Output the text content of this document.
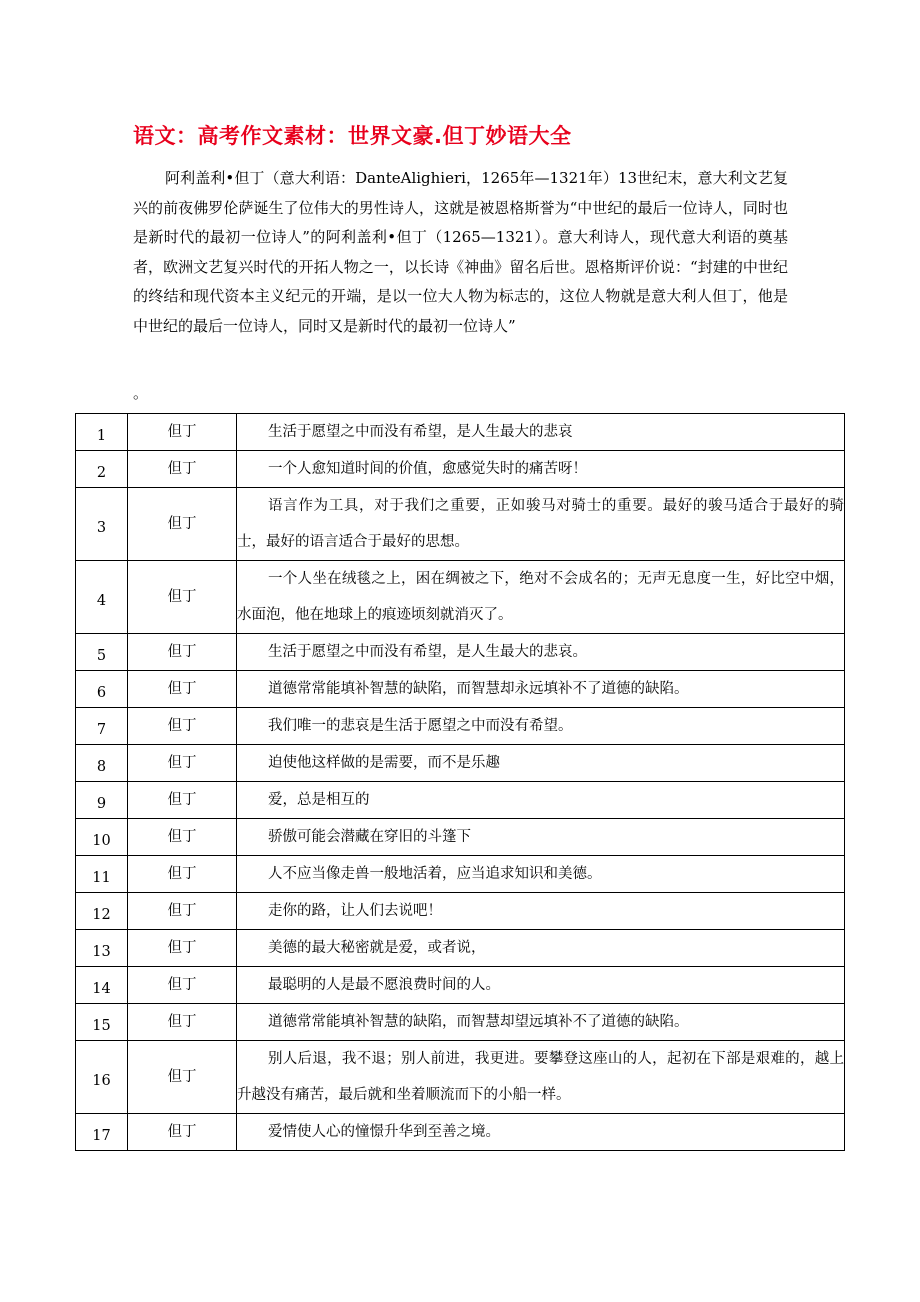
语文：高考作文素材：世界文豪.但丁妙语大全

阿利盖利•但丁（意大利语：DanteAlighieri，1265年—1321年）13世纪末，意大利文艺复兴的前夜佛罗伦萨诞生了位伟大的男性诗人，这就是被恩格斯誉为“中世纪的最后一位诗人，同时也是新时代的最初一位诗人”的阿利盖利•但丁（1265—1321）。意大利诗人，现代意大利语的奠基者，欧洲文艺复兴时代的开拓人物之一，以长诗《神曲》留名后世。恩格斯评价说：“封建的中世纪的终结和现代资本主义纪元的开端，是以一位大人物为标志的，这位人物就是意大利人但丁，他是中世纪的最后一位诗人，同时又是新时代的最初一位诗人”

。

1	但丁	生活于愿望之中而没有希望，是人生最大的悲哀
2	但丁	一个人愈知道时间的价值，愈感觉失时的痛苦呀！
3	但丁	语言作为工具，对于我们之重要，正如骏马对骑士的重要。最好的骏马适合于最好的骑士，最好的语言适合于最好的思想。
4	但丁	一个人坐在绒毯之上，困在绸被之下，绝对不会成名的；无声无息度一生，好比空中烟，水面泡，他在地球上的痕迹顷刻就消灭了。
5	但丁	生活于愿望之中而没有希望，是人生最大的悲哀。
6	但丁	道德常常能填补智慧的缺陷，而智慧却永远填补不了道德的缺陷。
7	但丁	我们唯一的悲哀是生活于愿望之中而没有希望。
8	但丁	迫使他这样做的是需要，而不是乐趣
9	但丁	爱，总是相互的
10	但丁	骄傲可能会潜藏在穿旧的斗篷下
11	但丁	人不应当像走兽一般地活着，应当追求知识和美德。
12	但丁	走你的路，让人们去说吧！
13	但丁	美德的最大秘密就是爱，或者说，
14	但丁	最聪明的人是最不愿浪费时间的人。
15	但丁	道德常常能填补智慧的缺陷，而智慧却望远填补不了道德的缺陷。
16	但丁	别人后退，我不退；别人前进，我更进。要攀登这座山的人，起初在下部是艰难的，越上升越没有痛苦，最后就和坐着顺流而下的小船一样。
17	但丁	爱情使人心的憧憬升华到至善之境。
